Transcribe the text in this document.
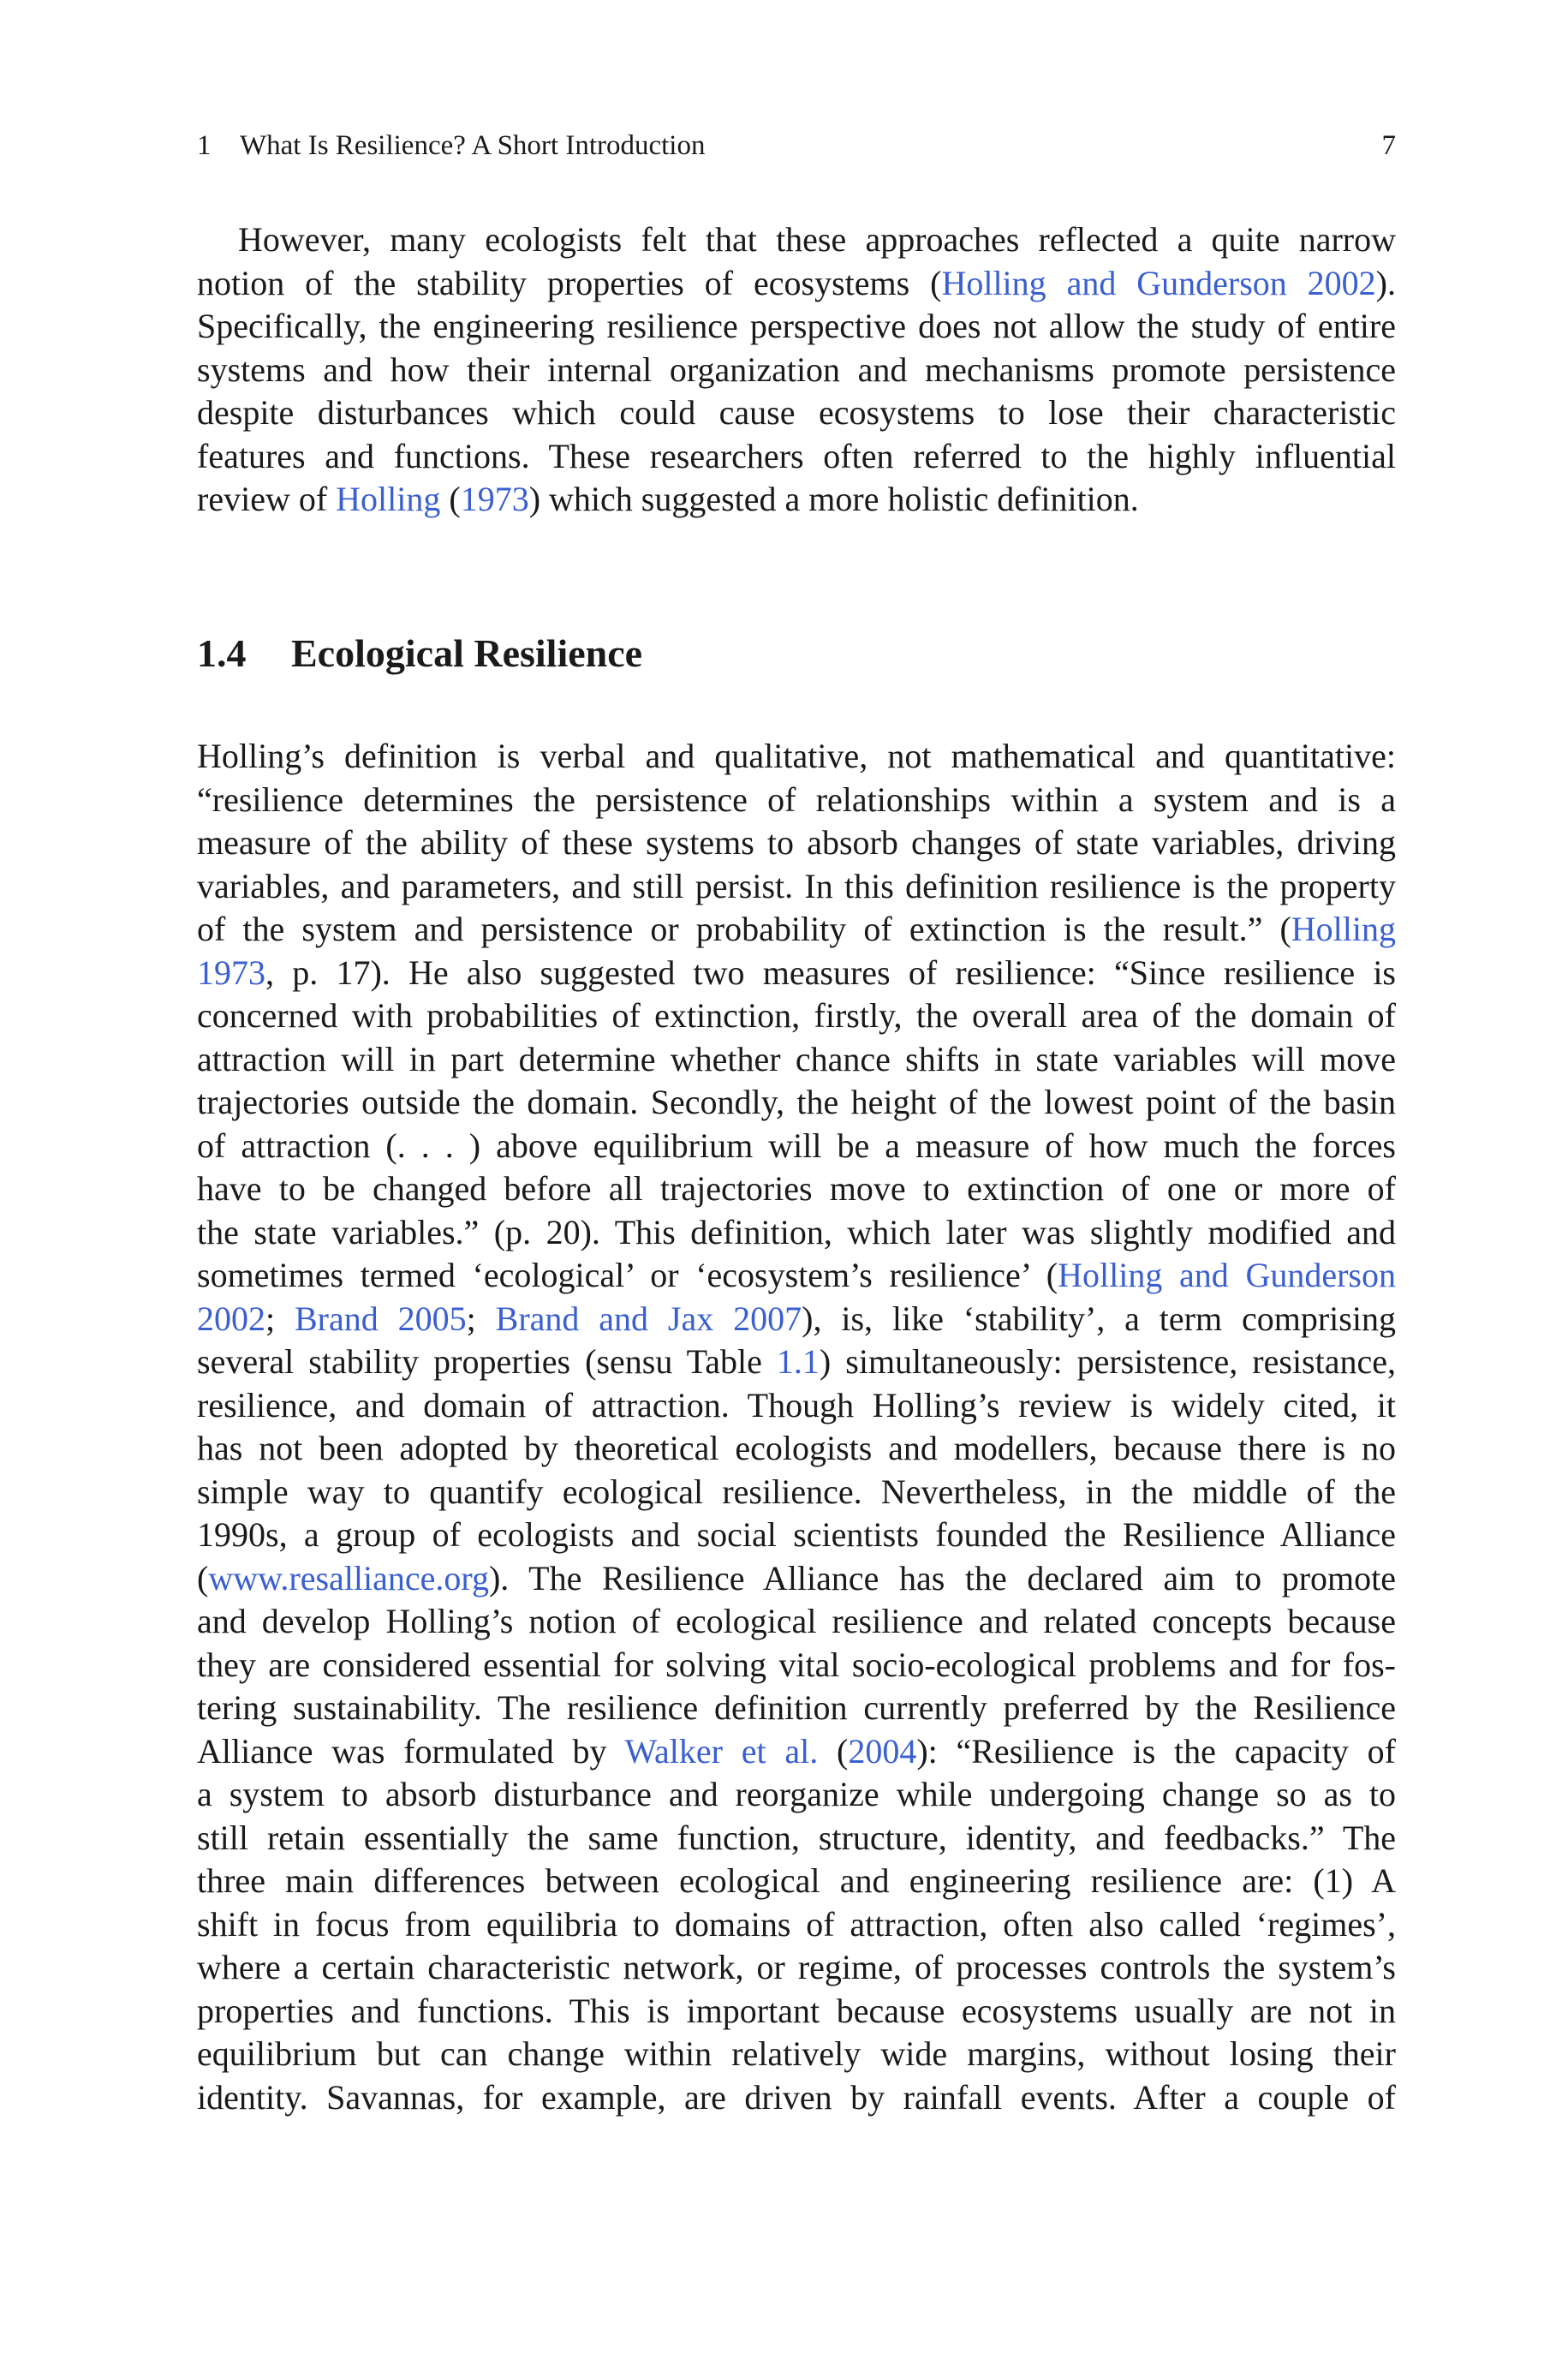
1 What Is Resilience? A Short Introduction	7
However, many ecologists felt that these approaches reflected a quite narrow
notion of the stability properties of ecosystems (Holling and Gunderson 2002).
Specifically, the engineering resilience perspective does not allow the study of entire
systems and how their internal organization and mechanisms promote persistence
despite disturbances which could cause ecosystems to lose their characteristic
features and functions. These researchers often referred to the highly influential
review of Holling (1973) which suggested a more holistic definition.
1.4 Ecological Resilience
Holling’s definition is verbal and qualitative, not mathematical and quantitative:
“resilience determines the persistence of relationships within a system and is a
measure of the ability of these systems to absorb changes of state variables, driving
variables, and parameters, and still persist. In this definition resilience is the property
of the system and persistence or probability of extinction is the result.” (Holling
1973, p. 17). He also suggested two measures of resilience: “Since resilience is
concerned with probabilities of extinction, firstly, the overall area of the domain of
attraction will in part determine whether chance shifts in state variables will move
trajectories outside the domain. Secondly, the height of the lowest point of the basin
of attraction (. . . ) above equilibrium will be a measure of how much the forces
have to be changed before all trajectories move to extinction of one or more of
the state variables.” (p. 20). This definition, which later was slightly modified and
sometimes termed ‘ecological’ or ‘ecosystem’s resilience’ (Holling and Gunderson
2002; Brand 2005; Brand and Jax 2007), is, like ‘stability’, a term comprising
several stability properties (sensu Table 1.1) simultaneously: persistence, resistance,
resilience, and domain of attraction. Though Holling’s review is widely cited, it
has not been adopted by theoretical ecologists and modellers, because there is no
simple way to quantify ecological resilience. Nevertheless, in the middle of the
1990s, a group of ecologists and social scientists founded the Resilience Alliance
(www.resalliance.org). The Resilience Alliance has the declared aim to promote
and develop Holling’s notion of ecological resilience and related concepts because
they are considered essential for solving vital socio-ecological problems and for fos-
tering sustainability. The resilience definition currently preferred by the Resilience
Alliance was formulated by Walker et al. (2004): “Resilience is the capacity of
a system to absorb disturbance and reorganize while undergoing change so as to
still retain essentially the same function, structure, identity, and feedbacks.” The
three main differences between ecological and engineering resilience are: (1) A
shift in focus from equilibria to domains of attraction, often also called ‘regimes’,
where a certain characteristic network, or regime, of processes controls the system’s
properties and functions. This is important because ecosystems usually are not in
equilibrium but can change within relatively wide margins, without losing their
identity. Savannas, for example, are driven by rainfall events. After a couple of
